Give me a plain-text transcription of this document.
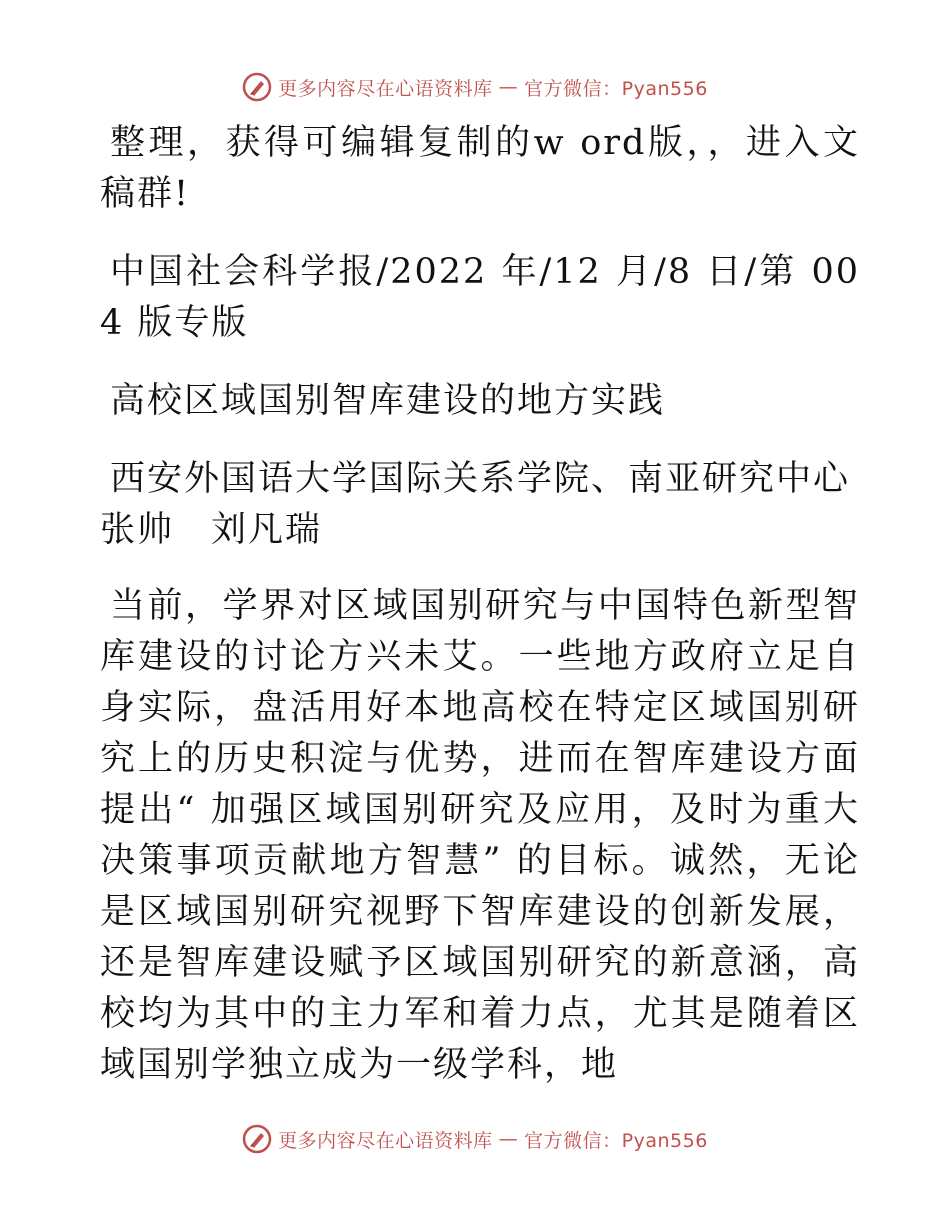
更多内容尽在心语资料库 — 官方微信：Pyan556

整理，获得可编辑复制的w ord版，，进入文稿群!

中国社会科学报/2022 年/12 月/8 日/第 004 版专版

高校区域国别智库建设的地方实践

西安外国语大学国际关系学院、南亚研究中心
张帅　刘凡瑞

当前，学界对区域国别研究与中国特色新型智库建设的讨论方兴未艾。一些地方政府立足自身实际，盘活用好本地高校在特定区域国别研究上的历史积淀与优势，进而在智库建设方面提出“ 加强区域国别研究及应用，及时为重大决策事项贡献地方智慧” 的目标。诚然，无论是区域国别研究视野下智库建设的创新发展，还是智库建设赋予区域国别研究的新意涵，高校均为其中的主力军和着力点，尤其是随着区域国别学独立成为一级学科，地

更多内容尽在心语资料库 — 官方微信：Pyan556
